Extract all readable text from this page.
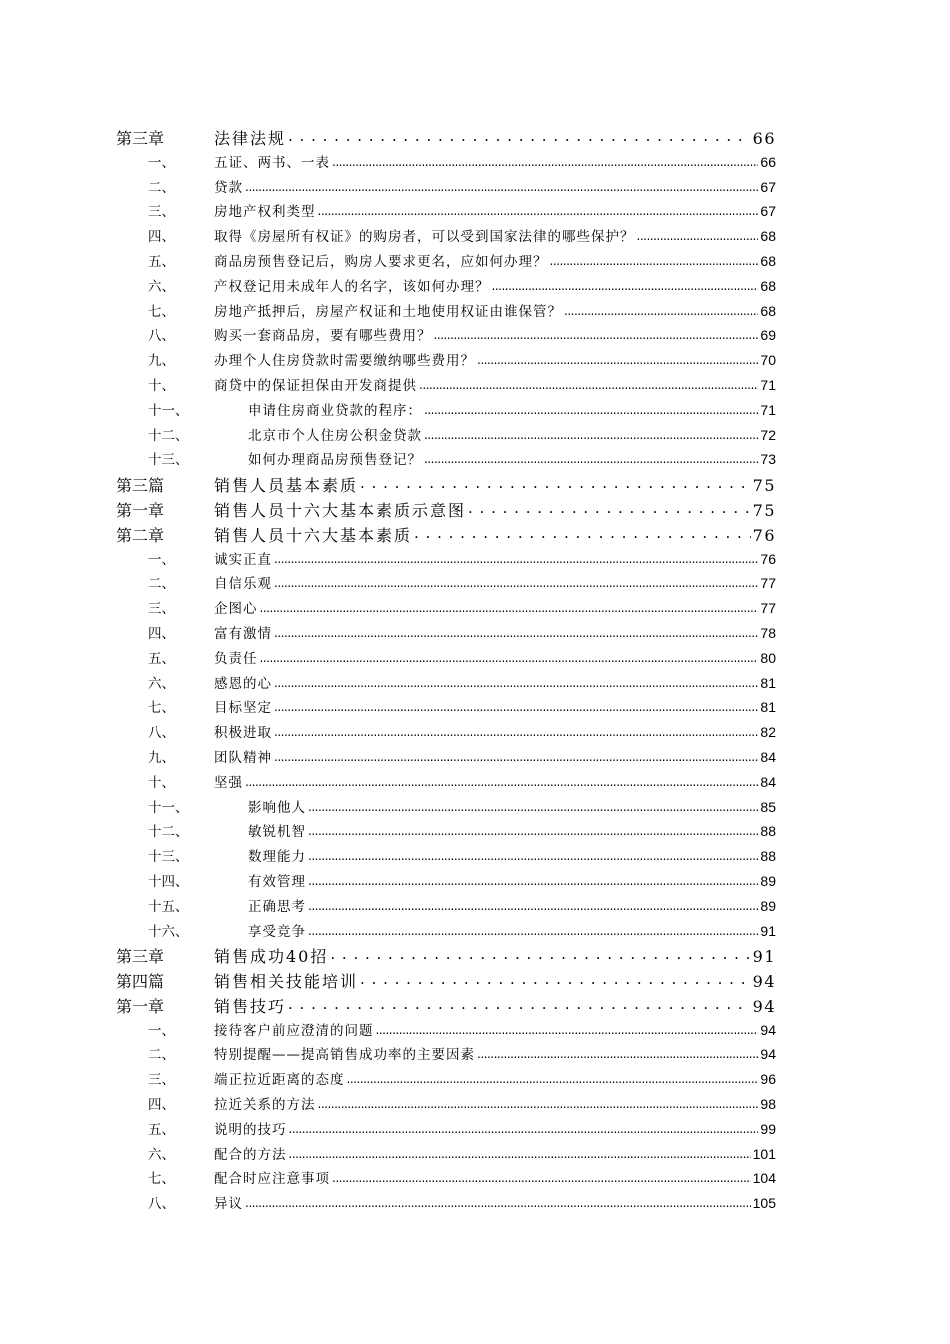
第三章	法律法规 . . .	66
一、	五证、两书、一表 .....	66
二、	贷款 .....	67
三、	房地产权利类型 .....	67
四、	取得《房屋所有权证》的购房者，可以受到国家法律的哪些保护？ .....	68
五、	商品房预售登记后，购房人要求更名，应如何办理？ .....	68
六、	产权登记用未成年人的名字，该如何办理？ .....	68
七、	房地产抵押后，房屋产权证和土地使用权证由谁保管？ .....	68
八、	购买一套商品房，要有哪些费用？ .....	69
九、	办理个人住房贷款时需要缴纳哪些费用？ .....	70
十、	商贷中的保证担保由开发商提供 .....	71
十一、	申请住房商业贷款的程序： .....	71
十二、	北京市个人住房公积金贷款 .....	72
十三、	如何办理商品房预售登记？ .....	73
第三篇	销售人员基本素质 . . .	75
第一章	销售人员十六大基本素质示意图 . . .	75
第二章	销售人员十六大基本素质 . . .	76
一、	诚实正直 .....	76
二、	自信乐观 .....	77
三、	企图心 .....	77
四、	富有激情 .....	78
五、	负责任 .....	80
六、	感恩的心 .....	81
七、	目标坚定 .....	81
八、	积极进取 .....	82
九、	团队精神 .....	84
十、	坚强 .....	84
十一、	影响他人 .....	85
十二、	敏锐机智 .....	88
十三、	数理能力 .....	88
十四、	有效管理 .....	89
十五、	正确思考 .....	89
十六、	享受竞争 .....	91
第三章	销售成功40招 . . .	91
第四篇	销售相关技能培训 . . .	94
第一章	销售技巧 . . .	94
一、	接待客户前应澄清的问题 .....	94
二、	特别提醒——提高销售成功率的主要因素 .....	94
三、	端正拉近距离的态度 .....	96
四、	拉近关系的方法 .....	98
五、	说明的技巧 .....	99
六、	配合的方法 .....	101
七、	配合时应注意事项 .....	104
八、	异议 .....	105
